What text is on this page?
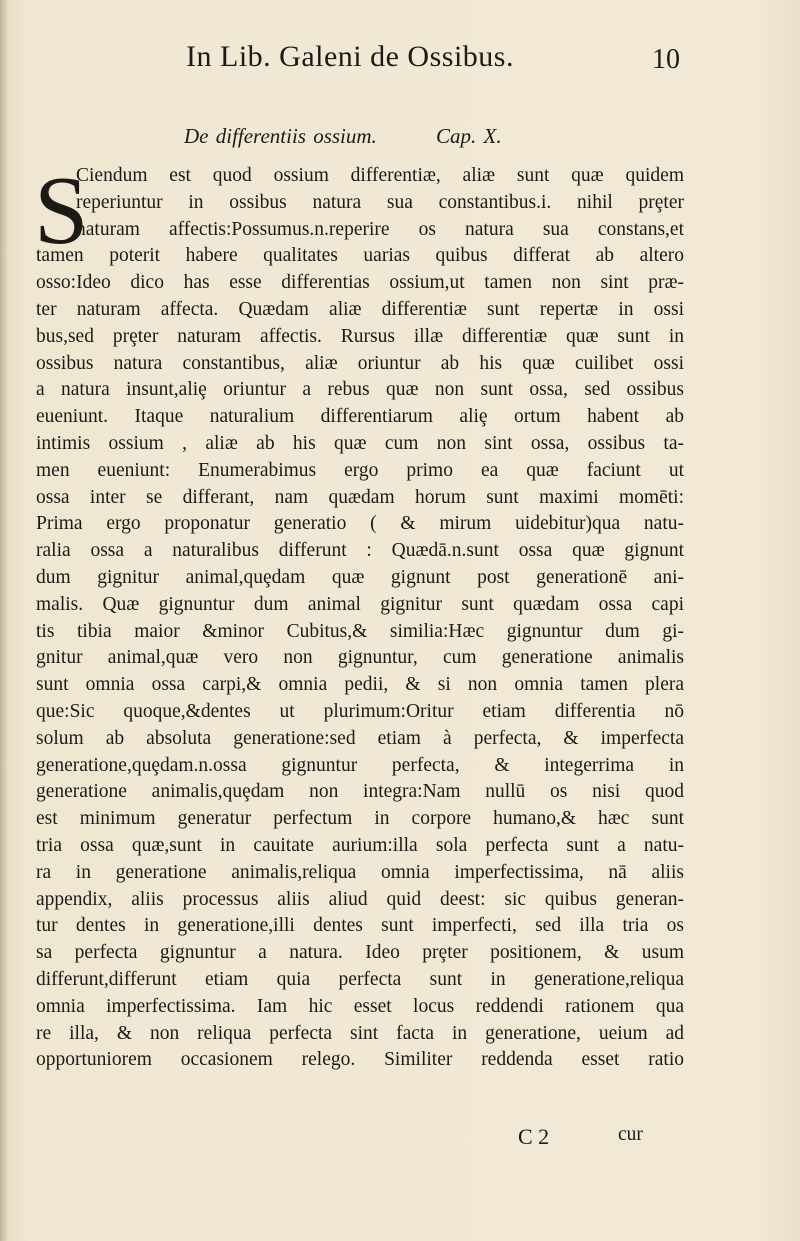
In Lib. Galeni de Ossibus.	10
De differentiis ossium.	Cap. X.
S
Ciendum est quod ossium differentiæ, aliæ sunt quæ quidem
reperiuntur in ossibus natura sua constantibus.i. nihil prȩter
naturam affectis:Possumus.n.reperire os natura sua constans,et
tamen poterit habere qualitates uarias quibus differat ab altero
osso:Ideo dico has esse differentias ossium,ut tamen non sint præ-
ter naturam affecta. Quædam aliæ differentiæ sunt repertæ in ossi
bus,sed prȩter naturam affectis. Rursus illæ differentiæ quæ sunt in
ossibus natura constantibus, aliæ oriuntur ab his quæ cuilibet ossi
a natura insunt,aliȩ oriuntur a rebus quæ non sunt ossa, sed ossibus
eueniunt. Itaque naturalium differentiarum aliȩ ortum habent ab
intimis ossium , aliæ ab his quæ cum non sint ossa, ossibus ta-
men eueniunt: Enumerabimus ergo primo ea quæ faciunt ut
ossa inter se differant, nam quædam horum sunt maximi momēti:
Prima ergo proponatur generatio ( & mirum uidebitur)qua natu-
ralia ossa a naturalibus differunt : Quædā.n.sunt ossa quæ gignunt
dum gignitur animal,quȩdam quæ gignunt post generationē ani-
malis. Quæ gignuntur dum animal gignitur sunt quædam ossa capi
tis tibia maior &minor Cubitus,& similia:Hæc gignuntur dum gi-
gnitur animal,quæ vero non gignuntur, cum generatione animalis
sunt omnia ossa carpi,& omnia pedii, & si non omnia tamen plera
que:Sic quoque,&dentes ut plurimum:Oritur etiam differentia nō
solum ab absoluta generatione:sed etiam à perfecta, & imperfecta
generatione,quȩdam.n.ossa gignuntur perfecta, & integerrima in
generatione animalis,quȩdam non integra:Nam nullū os nisi quod
est minimum generatur perfectum in corpore humano,& hæc sunt
tria ossa quæ,sunt in cauitate aurium:illa sola perfecta sunt a natu-
ra in generatione animalis,reliqua omnia imperfectissima, nā aliis
appendix, aliis processus aliis aliud quid deest: sic quibus generan-
tur dentes in generatione,illi dentes sunt imperfecti, sed illa tria os
sa perfecta gignuntur a natura. Ideo prȩter positionem, & usum
differunt,differunt etiam quia perfecta sunt in generatione,reliqua
omnia imperfectissima. Iam hic esset locus reddendi rationem qua
re illa, & non reliqua perfecta sint facta in generatione, ueium ad
opportuniorem occasionem relego. Similiter reddenda esset ratio
C 2	cur
